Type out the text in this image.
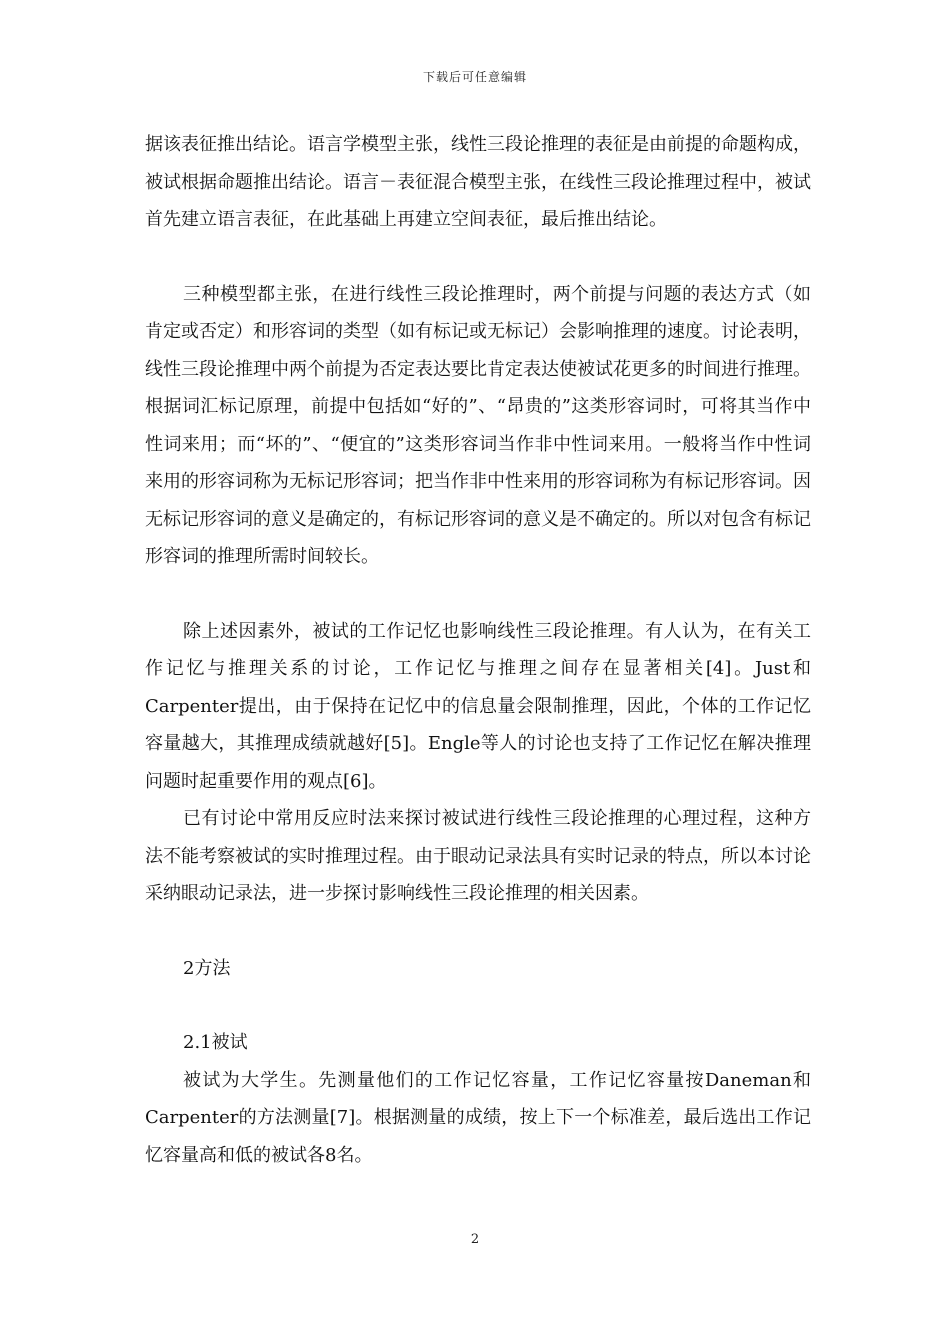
下载后可任意编辑

据该表征推出结论。语言学模型主张，线性三段论推理的表征是由前提的命题构成，被试根据命题推出结论。语言－表征混合模型主张，在线性三段论推理过程中，被试首先建立语言表征，在此基础上再建立空间表征，最后推出结论。

三种模型都主张，在进行线性三段论推理时，两个前提与问题的表达方式（如肯定或否定）和形容词的类型（如有标记或无标记）会影响推理的速度。讨论表明，线性三段论推理中两个前提为否定表达要比肯定表达使被试花更多的时间进行推理。根据词汇标记原理，前提中包括如“好的”、“昂贵的”这类形容词时，可将其当作中性词来用；而“坏的”、“便宜的”这类形容词当作非中性词来用。一般将当作中性词来用的形容词称为无标记形容词；把当作非中性来用的形容词称为有标记形容词。因无标记形容词的意义是确定的，有标记形容词的意义是不确定的。所以对包含有标记形容词的推理所需时间较长。

除上述因素外，被试的工作记忆也影响线性三段论推理。有人认为，在有关工作记忆与推理关系的讨论，工作记忆与推理之间存在显著相关[4]。Just和Carpenter提出，由于保持在记忆中的信息量会限制推理，因此，个体的工作记忆容量越大，其推理成绩就越好[5]。Engle等人的讨论也支持了工作记忆在解决推理问题时起重要作用的观点[6]。

已有讨论中常用反应时法来探讨被试进行线性三段论推理的心理过程，这种方法不能考察被试的实时推理过程。由于眼动记录法具有实时记录的特点，所以本讨论采纳眼动记录法，进一步探讨影响线性三段论推理的相关因素。

2方法

2.1被试

被试为大学生。先测量他们的工作记忆容量，工作记忆容量按Daneman和Carpenter的方法测量[7]。根据测量的成绩，按上下一个标准差，最后选出工作记忆容量高和低的被试各8名。

2
